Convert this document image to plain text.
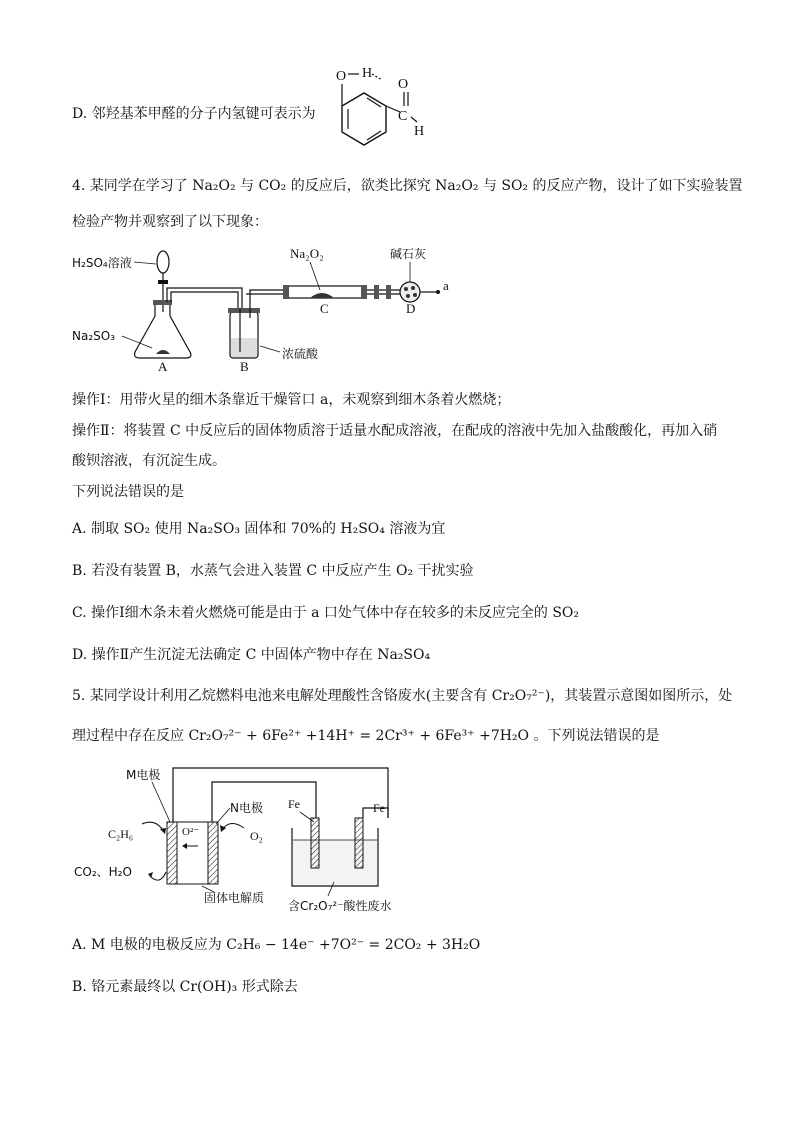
D. 邻羟基苯甲醛的分子内氢键可表示为
O H
C
O
H
4. 某同学在学习了 Na₂O₂ 与 CO₂ 的反应后，欲类比探究 Na₂O₂ 与 SO₂ 的反应产物，设计了如下实验装置
检验产物并观察到了以下现象：
H₂SO₄溶液
Na₂SO₃
A	B
浓硫酸
Na₂O₂
C
碱石灰
D
a
操作Ⅰ：用带火星的细木条靠近干燥管口 a，未观察到细木条着火燃烧；
操作Ⅱ：将装置 C 中反应后的固体物质溶于适量水配成溶液，在配成的溶液中先加入盐酸酸化，再加入硝
酸钡溶液，有沉淀生成。
下列说法错误的是
A. 制取 SO₂ 使用 Na₂SO₃ 固体和 70%的 H₂SO₄ 溶液为宜
B. 若没有装置 B，水蒸气会进入装置 C 中反应产生 O₂ 干扰实验
C. 操作Ⅰ细木条未着火燃烧可能是由于 a 口处气体中存在较多的未反应完全的 SO₂
D. 操作Ⅱ产生沉淀无法确定 C 中固体产物中存在 Na₂SO₄
5. 某同学设计利用乙烷燃料电池来电解处理酸性含铬废水(主要含有 Cr₂O₇²⁻)，其装置示意图如图所示，处
理过程中存在反应 Cr₂O₇²⁻ + 6Fe²⁺ +14H⁺ = 2Cr³⁺ + 6Fe³⁺ +7H₂O 。下列说法错误的是
O²⁻
M电极
N电极
C₂H₆	O₂
CO₂、H₂O
固体电解质
Fe	Fe
含Cr₂O₇²⁻酸性废水
A. M 电极的电极反应为 C₂H₆ − 14e⁻ +7O²⁻ = 2CO₂ + 3H₂O
B. 铬元素最终以 Cr(OH)₃ 形式除去
